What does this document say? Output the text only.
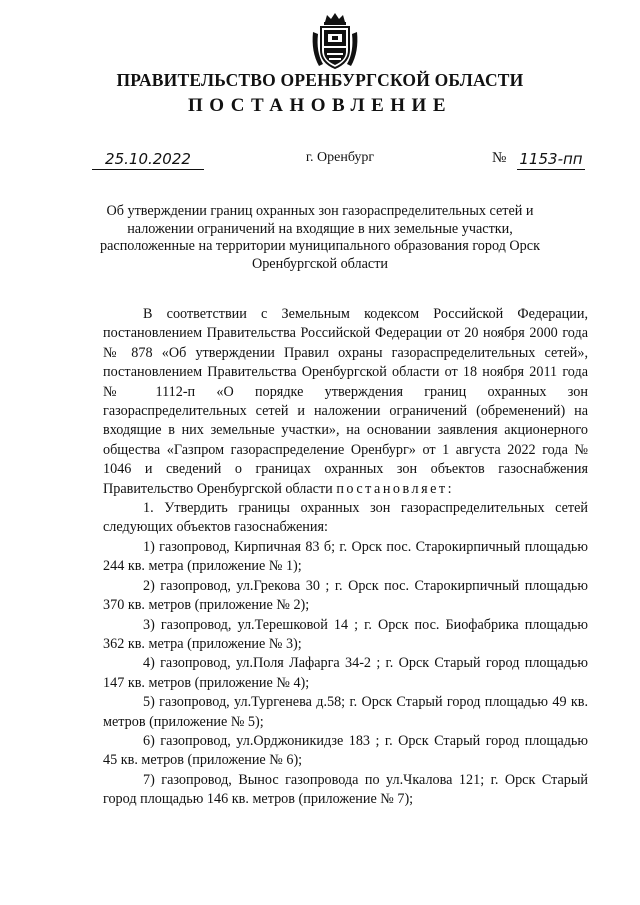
ПРАВИТЕЛЬСТВО ОРЕНБУРГСКОЙ ОБЛАСТИ
ПОСТАНОВЛЕНИЕ
25.10.2022	г. Оренбург	№ 1153-пп
Об утверждении границ охранных зон газораспределительных сетей и наложении ограничений на входящие в них земельные участки, расположенные на территории муниципального образования город Орск Оренбургской области

В соответствии с Земельным кодексом Российской Федерации, постановлением Правительства Российской Федерации от 20 ноября 2000 года № 878 «Об утверждении Правил охраны газораспределительных сетей», постановлением Правительства Оренбургской области от 18 ноября 2011 года № 1112-п «О порядке утверждения границ охранных зон газораспределительных сетей и наложении ограничений (обременений) на входящие в них земельные участки», на основании заявления акционерного общества «Газпром газораспределение Оренбург» от 1 августа 2022 года № 1046 и сведений о границах охранных зон объектов газоснабжения Правительство Оренбургской области постановляет:

1. Утвердить границы охранных зон газораспределительных сетей следующих объектов газоснабжения:

1) газопровод, Кирпичная 83 б; г. Орск пос. Старокирпичный площадью 244 кв. метра (приложение № 1);

2) газопровод, ул.Грекова 30 ; г. Орск пос. Старокирпичный площадью 370 кв. метров (приложение № 2);

3) газопровод, ул.Терешковой 14 ; г. Орск пос. Биофабрика площадью 362 кв. метра (приложение № 3);

4) газопровод, ул.Поля Лафарга 34-2 ; г. Орск Старый город площадью 147 кв. метров (приложение № 4);

5) газопровод, ул.Тургенева д.58; г. Орск Старый город площадью 49 кв. метров (приложение № 5);

6) газопровод, ул.Орджоникидзе 183 ; г. Орск Старый город площадью 45 кв. метров (приложение № 6);

7) газопровод, Вынос газопровода по ул.Чкалова 121; г. Орск Старый город площадью 146 кв. метров (приложение № 7);
